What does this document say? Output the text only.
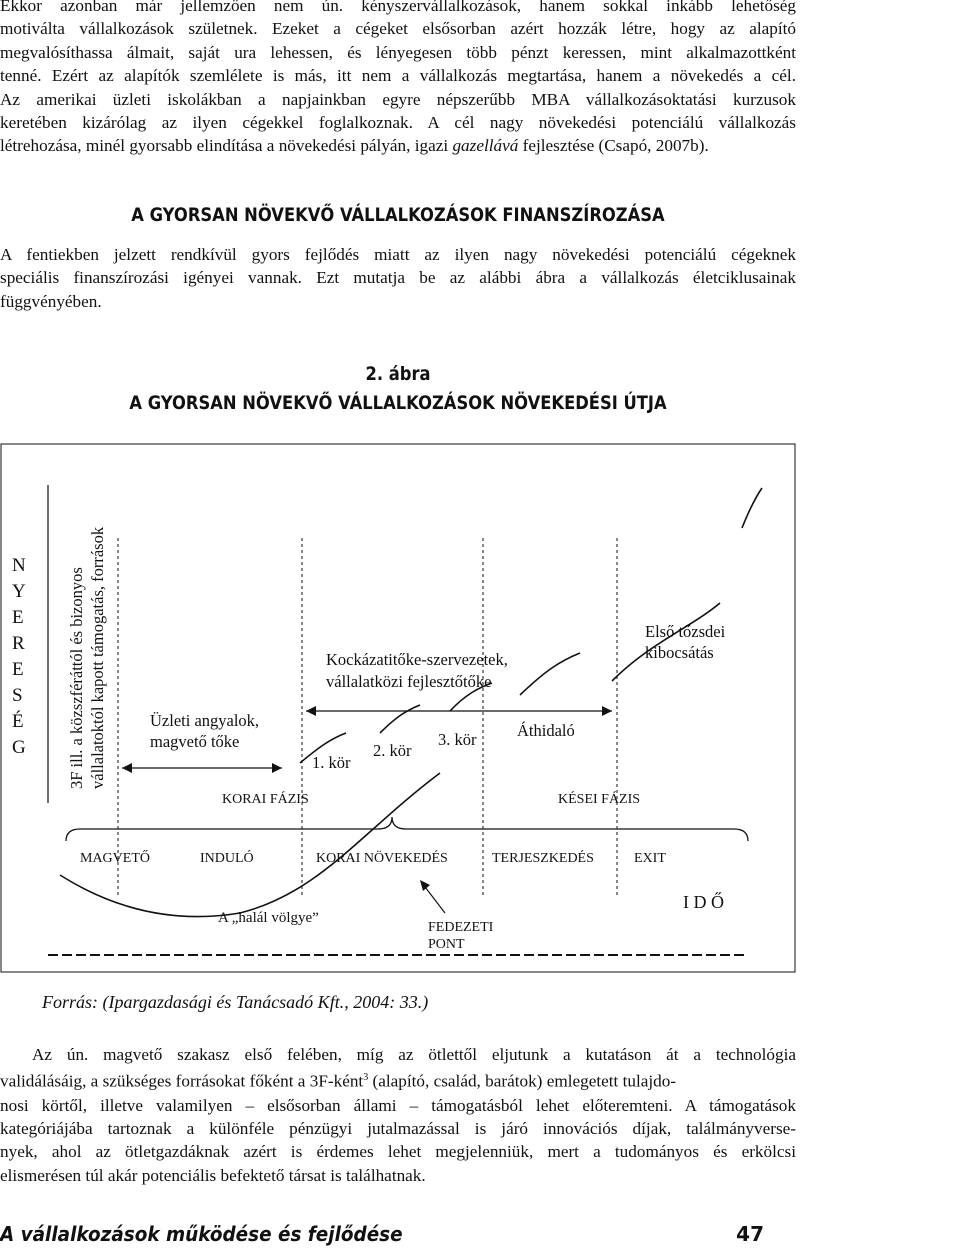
Ekkor azonban már jellemzően nem ún. kényszervállalkozások, hanem sokkal inkább lehetőség
motiválta vállalkozások születnek. Ezeket a cégeket elsősorban azért hozzák létre, hogy az alapító
megvalósíthassa álmait, saját ura lehessen, és lényegesen több pénzt keressen, mint alkalmazottként
tenné. Ezért az alapítók szemlélete is más, itt nem a vállalkozás megtartása, hanem a növekedés a cél.
Az amerikai üzleti iskolákban a napjainkban egyre népszerűbb MBA vállalkozásoktatási kurzusok
keretében kizárólag az ilyen cégekkel foglalkoznak. A cél nagy növekedési potenciálú vállalkozás
létrehozása, minél gyorsabb elindítása a növekedési pályán, igazi gazellává fejlesztése (Csapó, 2007b).
A GYORSAN NÖVEKVŐ VÁLLALKOZÁSOK FINANSZÍROZÁSA
A fentiekben jelzett rendkívül gyors fejlődés miatt az ilyen nagy növekedési potenciálú cégeknek
speciális finanszírozási igényei vannak. Ezt mutatja be az alábbi ábra a vállalkozás életciklusainak
függvényében.
2. ábra
A GYORSAN NÖVEKVŐ VÁLLALKOZÁSOK NÖVEKEDÉSI ÚTJA
N
Y
E
R
E
S
É
G	3F ill. a közszféráttól és bizonyos vállalatoktól kapott támogatás, források	Üzleti angyalok,
magvető tőke
Kockázatitőke-szervezetek,
vállalatközi fejlesztőtőke
1. kör
2. kör
3. kör Áthidaló
Első tőzsdei
kibocsátás
KORAI FÁZIS	KÉSEI FÁZIS
MAGVETŐ	INDULÓ	KORAI NÖVEKEDÉS	TERJESZKEDÉS	EXIT
A „halál völgye”
FEDEZETI
PONT
I D Ő
Forrás: (Ipargazdasági és Tanácsadó Kft., 2004: 33.)
Az ún. magvető szakasz első felében, míg az ötlettől eljutunk a kutatáson át a technológia
validálásáig, a szükséges forrásokat főként a 3F-ként$^3$ (alapító, család, barátok) emlegetett tulajdo-
nosi körtől, illetve valamilyen – elsősorban állami – támogatásból lehet előteremteni. A támogatások
kategóriájába tartoznak a különféle pénzügyi jutalmazással is járó innovációs díjak, találmányverse-
nyek, ahol az ötletgazdáknak azért is érdemes lehet megjelenniük, mert a tudományos és erkölcsi
elismerésen túl akár potenciális befektető társat is találhatnak.
A vállalkozások működése és fejlődése	47
